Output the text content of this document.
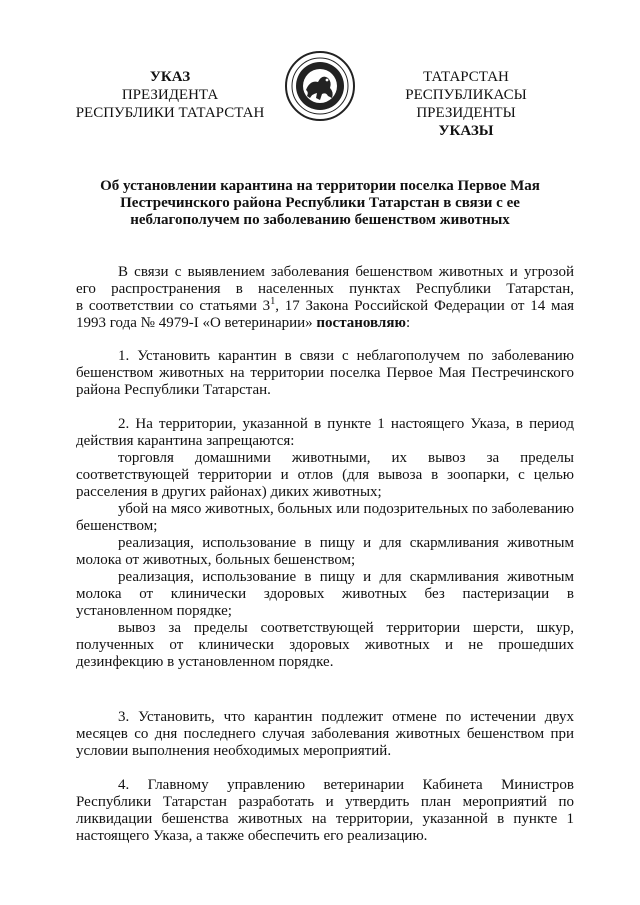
УКАЗ
ПРЕЗИДЕНТА
РЕСПУБЛИКИ ТАТАРСТАН
ТАТАРСТАН РЕСПУБЛИКАСЫ
ПРЕЗИДЕНТЫ
УКАЗЫ
Об установлении карантина на территории поселка Первое Мая
Пестречинского района Республики Татарстан в связи с ее
неблагополучем по заболеванию бешенством животных
В связи с выявлением заболевания бешенством животных и угрозой
его распространения в населенных пунктах Республики Татарстан,
в соответствии со статьями $3^1$, 17 Закона Российской Федерации от 14 мая
1993 года № 4979-I «О ветеринарии» постановляю:
1. Установить карантин в связи с неблагополучем по заболеванию
бешенством животных на территории поселка Первое Мая Пестречинского
района Республики Татарстан.
2. На территории, указанной в пункте 1 настоящего Указа, в период
действия карантина запрещаются:
торговля домашними животными, их вывоз за пределы
соответствующей территории и отлов (для вывоза в зоопарки, с целью
расселения в других районах) диких животных;
убой на мясо животных, больных или подозрительных по заболеванию
бешенством;
реализация, использование в пищу и для скармливания животным
молока от животных, больных бешенством;
реализация, использование в пищу и для скармливания животным
молока от клинически здоровых животных без пастеризации в
установленном порядке;
вывоз за пределы соответствующей территории шерсти, шкур,
полученных от клинически здоровых животных и не прошедших
дезинфекцию в установленном порядке.
3. Установить, что карантин подлежит отмене по истечении двух
месяцев со дня последнего случая заболевания животных бешенством при
условии выполнения необходимых мероприятий.
4. Главному управлению ветеринарии Кабинета Министров
Республики Татарстан разработать и утвердить план мероприятий по
ликвидации бешенства животных на территории, указанной в пункте 1
настоящего Указа, а также обеспечить его реализацию.
